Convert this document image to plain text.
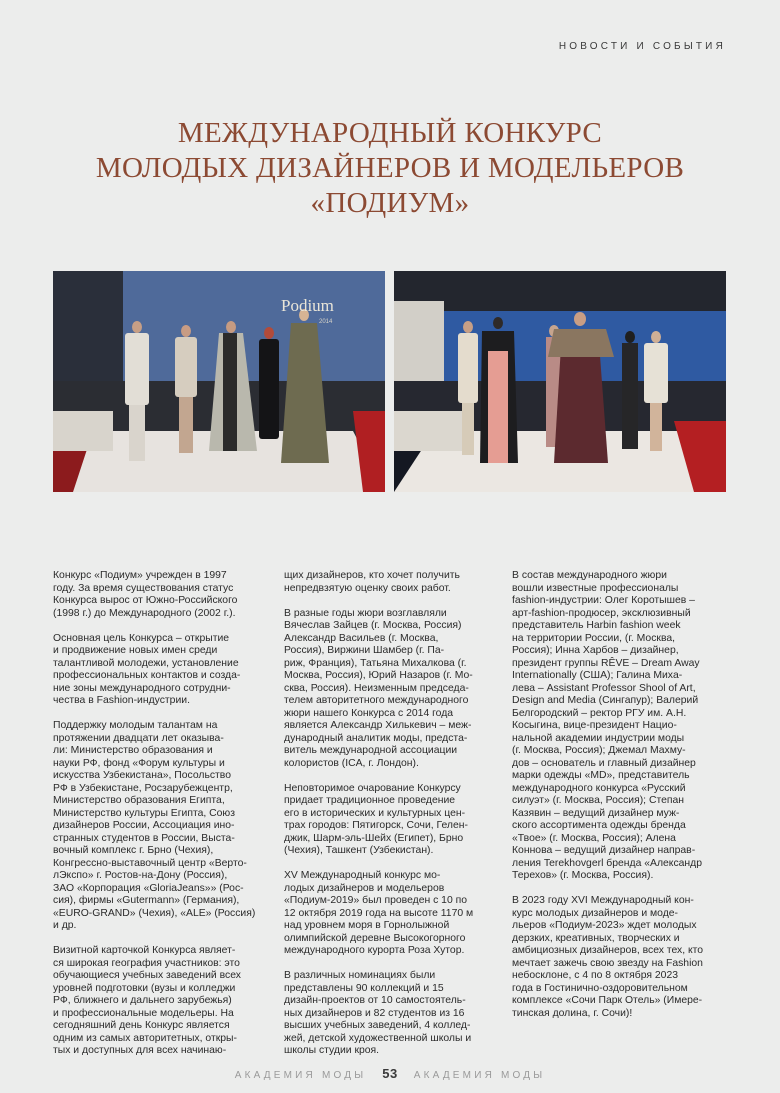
НОВОСТИ И СОБЫТИЯ
МЕЖДУНАРОДНЫЙ КОНКУРС
МОЛОДЫХ ДИЗАЙНЕРОВ И МОДЕЛЬЕРОВ
«ПОДИУМ»
Podium
2014

Конкурс «Подиум» учрежден в 1997
году. За время существования статус
Конкурса вырос от Южно-Российского
(1998 г.) до Международного (2002 г.).

Основная цель Конкурса – открытие
и продвижение новых имен среди
талантливой молодежи, установление
профессиональных контактов и созда-
ние зоны международного сотрудни-
чества в Fashion-индустрии.

Поддержку молодым талантам на
протяжении двадцати лет оказыва-
ли: Министерство образования и
науки РФ, фонд «Форум культуры и
искусства Узбекистана», Посольство
РФ в Узбекистане, Росзарубежцентр,
Министерство образования Египта,
Министерство культуры Египта, Союз
дизайнеров России, Ассоциация ино-
странных студентов в России, Выста-
вочный комплекс г. Брно (Чехия),
Конгрессно-выставочный центр «Верто-
лЭкспо» г. Ростов-на-Дону (Россия),
ЗАО «Корпорация «GloriaJeans»» (Рос-
сия), фирмы «Gutermann» (Германия),
«EURO-GRAND» (Чехия), «ALE» (Россия)
и др.

Визитной карточкой Конкурса являет-
ся широкая география участников: это
обучающиеся учебных заведений всех
уровней подготовки (вузы и колледжи
РФ, ближнего и дальнего зарубежья)
и профессиональные модельеры. На
сегодняшний день Конкурс является
одним из самых авторитетных, откры-
тых и доступных для всех начинаю-

щих дизайнеров, кто хочет получить
непредвзятую оценку своих работ.

В разные годы жюри возглавляли
Вячеслав Зайцев (г. Москва, Россия)
Александр Васильев (г. Москва,
Россия), Виржини Шамбер (г. Па-
риж, Франция), Татьяна Михалкова (г.
Москва, Россия), Юрий Назаров (г. Мо-
сква, Россия). Неизменным председа-
телем авторитетного международного
жюри нашего Конкурса с 2014 года
является Александр Хилькевич – меж-
дународный аналитик моды, предста-
витель международной ассоциации
колористов (ICA, г. Лондон).

Неповторимое очарование Конкурсу
придает традиционное проведение
его в исторических и культурных цен-
трах городов: Пятигорск, Сочи, Гелен-
джик, Шарм-эль-Шейх (Египет), Брно
(Чехия), Ташкент (Узбекистан).

XV Международный конкурс мо-
лодых дизайнеров и модельеров
«Подиум-2019» был проведен с 10 по
12 октября 2019 года на высоте 1170 м
над уровнем моря в Горнолыжной
олимпийской деревне Высокогорного
международного курорта Роза Хутор.

В различных номинациях были
представлены 90 коллекций и 15
дизайн-проектов от 10 самостоятель-
ных дизайнеров и 82 студентов из 16
высших учебных заведений, 4 коллед-
жей, детской художественной школы и
школы студии кроя.

В состав международного жюри
вошли известные профессионалы
fashion-индустрии: Олег Коротышев –
арт-fashion-продюсер, эксклюзивный
представитель Harbin fashion week
на территории России, (г. Москва,
Россия); Инна Харбов – дизайнер,
президент группы RÊVE – Dream Away
Internationally (США); Галина Михa-
лева – Assistant Professor Shool of Art,
Design and Media (Сингапур); Валерий
Белгородский – ректор РГУ им. А.Н.
Косыгина, вице-президент Нацио-
нальной академии индустрии моды
(г. Москва, Россия); Джемал Махму-
дов – основатель и главный дизайнер
марки одежды «MD», представитель
международного конкурса «Русский
силуэт» (г. Москва, Россия); Степан
Казявин – ведущий дизайнер муж-
ского ассортимента одежды бренда
«Твое» (г. Москва, Россия); Алена
Коннова – ведущий дизайнер направ-
ления Terekhovgerl бренда «Александр
Терехов» (г. Москва, Россия).

В 2023 году XVI Международный кон-
курс молодых дизайнеров и моде-
льеров «Подиум-2023» ждет молодых
дерзких, креативных, творческих и
амбициозных дизайнеров, всех тех, кто
мечтает зажечь свою звезду на Fashion
небосклоне, с 4 по 8 октября 2023
года в Гостинично-оздоровительном
комплексе «Сочи Парк Отель» (Имере-
тинская долина, г. Сочи)!

АКАДЕМИЯ МОДЫ 53 АКАДЕМИЯ МОДЫ
